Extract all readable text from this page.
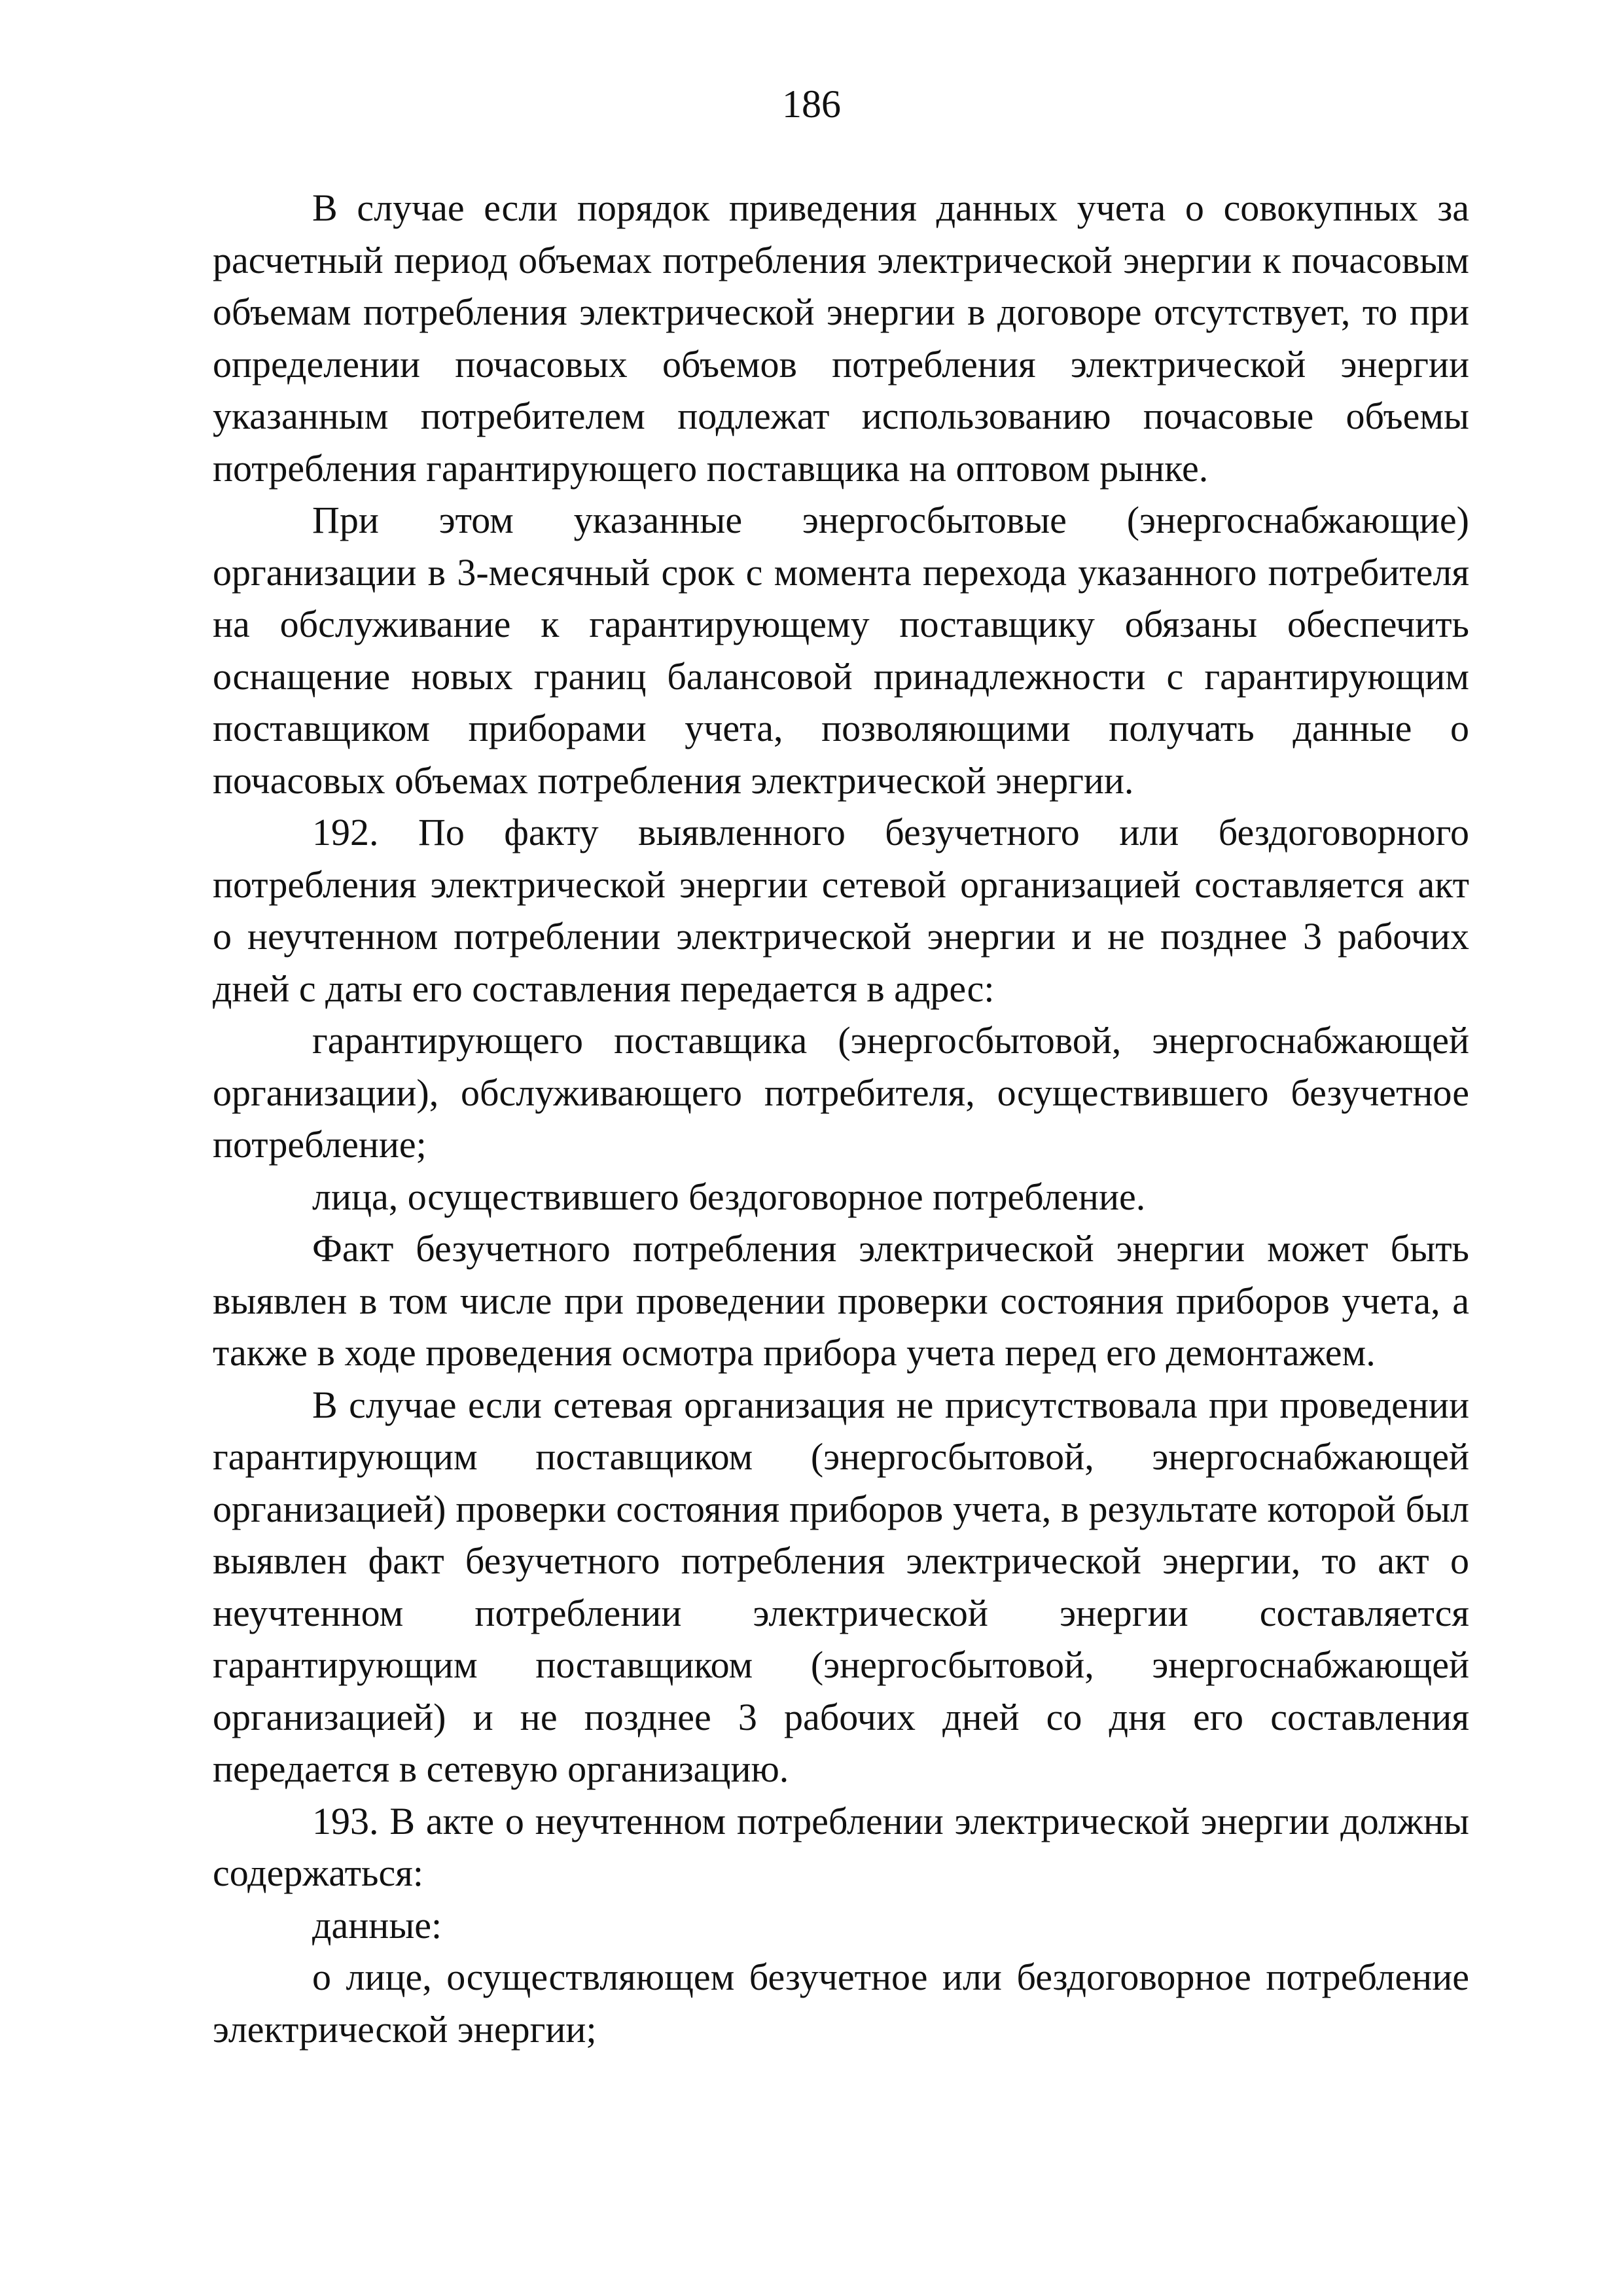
186

В случае если порядок приведения данных учета о совокупных за расчетный период объемах потребления электрической энергии к почасовым объемам потребления электрической энергии в договоре отсутствует, то при определении почасовых объемов потребления электрической энергии указанным потребителем подлежат использованию почасовые объемы потребления гарантирующего поставщика на оптовом рынке.

При этом указанные энергосбытовые (энергоснабжающие) организации в 3-месячный срок с момента перехода указанного потребителя на обслуживание к гарантирующему поставщику обязаны обеспечить оснащение новых границ балансовой принадлежности с гарантирующим поставщиком приборами учета, позволяющими получать данные о почасовых объемах потребления электрической энергии.

192. По факту выявленного безучетного или бездоговорного потребления электрической энергии сетевой организацией составляется акт о неучтенном потреблении электрической энергии и не позднее 3 рабочих дней с даты его составления передается в адрес:

гарантирующего поставщика (энергосбытовой, энергоснабжающей организации), обслуживающего потребителя, осуществившего безучетное потребление;

лица, осуществившего бездоговорное потребление.

Факт безучетного потребления электрической энергии может быть выявлен в том числе при проведении проверки состояния приборов учета, а также в ходе проведения осмотра прибора учета перед его демонтажем.

В случае если сетевая организация не присутствовала при проведении гарантирующим поставщиком (энергосбытовой, энергоснабжающей организацией) проверки состояния приборов учета, в результате которой был выявлен факт безучетного потребления электрической энергии, то акт о неучтенном потреблении электрической энергии составляется гарантирующим поставщиком (энергосбытовой, энергоснабжающей организацией) и не позднее 3 рабочих дней со дня его составления передается в сетевую организацию.

193. В акте о неучтенном потреблении электрической энергии должны содержаться:

данные:

о лице, осуществляющем безучетное или бездоговорное потребление электрической энергии;
